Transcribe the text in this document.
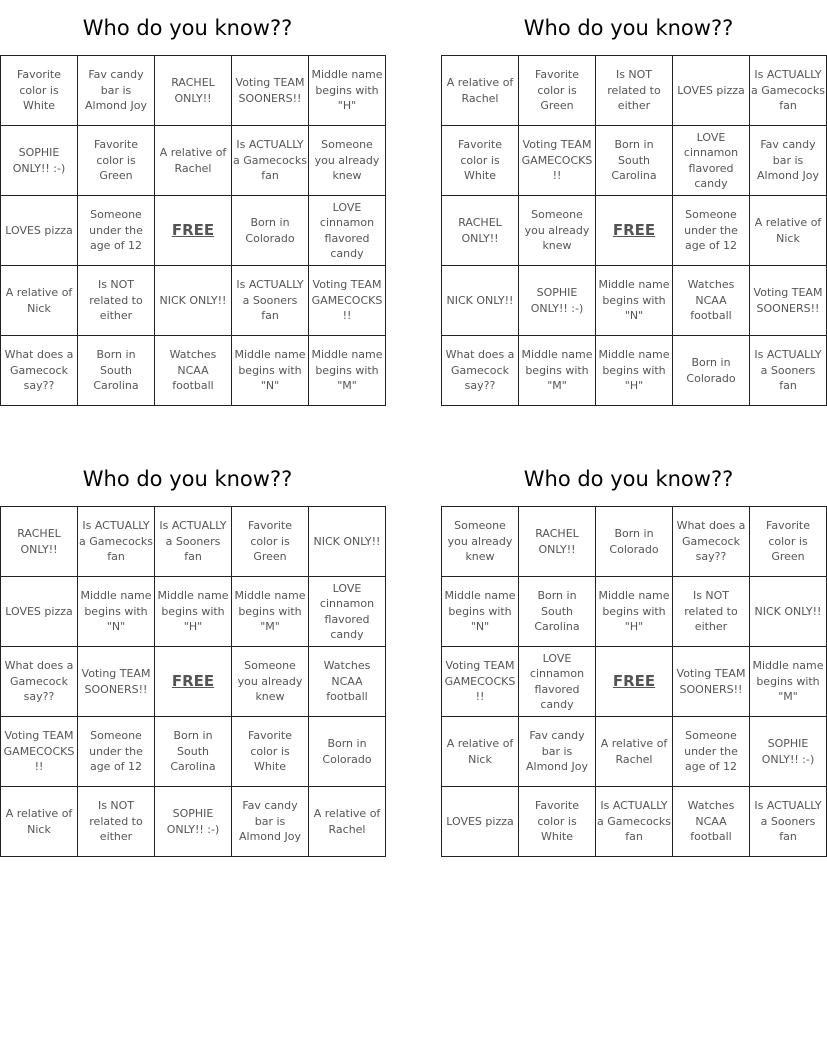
Who do you know??
Favorite color is White	Fav candy bar is Almond Joy	RACHEL ONLY!!	Voting TEAM SOONERS!!	Middle name begins with "H"
SOPHIE ONLY!! :-)	Favorite color is Green	A relative of Rachel	Is ACTUALLY a Gamecocks fan	Someone you already knew
LOVES pizza	Someone under the age of 12	FREE	Born in Colorado	LOVE cinnamon flavored candy
A relative of Nick	Is NOT related to either	NICK ONLY!!	Is ACTUALLY a Sooners fan	Voting TEAM GAMECOCKS!!
What does a Gamecock say??	Born in South Carolina	Watches NCAA football	Middle name begins with "N"	Middle name begins with "M"
Who do you know??
A relative of Rachel	Favorite color is Green	Is NOT related to either	LOVES pizza	Is ACTUALLY a Gamecocks fan
Favorite color is White	Voting TEAM GAMECOCKS!!	Born in South Carolina	LOVE cinnamon flavored candy	Fav candy bar is Almond Joy
RACHEL ONLY!!	Someone you already knew	FREE	Someone under the age of 12	A relative of Nick
NICK ONLY!!	SOPHIE ONLY!! :-)	Middle name begins with "N"	Watches NCAA football	Voting TEAM SOONERS!!
What does a Gamecock say??	Middle name begins with "M"	Middle name begins with "H"	Born in Colorado	Is ACTUALLY a Sooners fan
Who do you know??
RACHEL ONLY!!	Is ACTUALLY a Gamecocks fan	Is ACTUALLY a Sooners fan	Favorite color is Green	NICK ONLY!!
LOVES pizza	Middle name begins with "N"	Middle name begins with "H"	Middle name begins with "M"	LOVE cinnamon flavored candy
What does a Gamecock say??	Voting TEAM SOONERS!!	FREE	Someone you already knew	Watches NCAA football
Voting TEAM GAMECOCKS!!	Someone under the age of 12	Born in South Carolina	Favorite color is White	Born in Colorado
A relative of Nick	Is NOT related to either	SOPHIE ONLY!! :-)	Fav candy bar is Almond Joy	A relative of Rachel
Who do you know??
Someone you already knew	RACHEL ONLY!!	Born in Colorado	What does a Gamecock say??	Favorite color is Green
Middle name begins with "N"	Born in South Carolina	Middle name begins with "H"	Is NOT related to either	NICK ONLY!!
Voting TEAM GAMECOCKS!!	LOVE cinnamon flavored candy	FREE	Voting TEAM SOONERS!!	Middle name begins with "M"
A relative of Nick	Fav candy bar is Almond Joy	A relative of Rachel	Someone under the age of 12	SOPHIE ONLY!! :-)
LOVES pizza	Favorite color is White	Is ACTUALLY a Gamecocks fan	Watches NCAA football	Is ACTUALLY a Sooners fan
